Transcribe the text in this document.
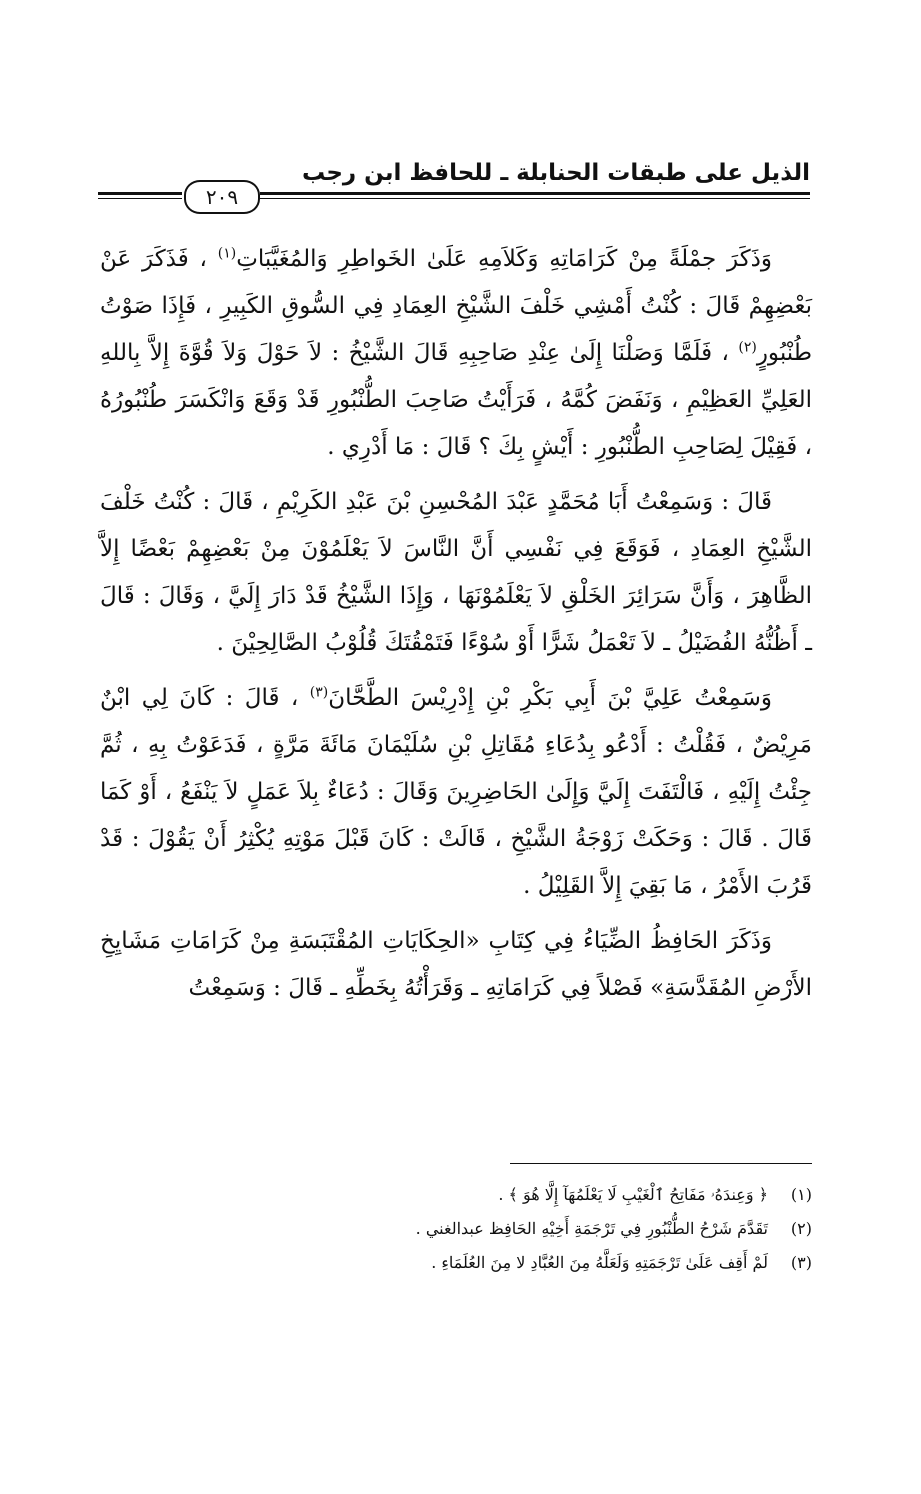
الذيل على طبقات الحنابلة ـ للحافظ ابن رجب
٢٠٩

وَذَكَرَ جمْلَةً مِنْ كَرَامَاتِهِ وَكَلاَمِهِ عَلَىٰ الخَواطِرِ وَالمُغَيَّبَاتِ$^{(١)}$ ، فَذَكَرَ عَنْ بَعْضِهِمْ قَالَ : كُنْتُ أَمْشِي خَلْفَ الشَّيْخِ العِمَادِ فِي السُّوقِ الكَبِيرِ ، فَإِذَا صَوْتُ طُنْبُورٍ$^{(٢)}$ ، فَلَمَّا وَصَلْنَا إِلَىٰ عِنْدِ صَاحِبِهِ قَالَ الشَّيْخُ : لاَ حَوْلَ وَلاَ قُوَّةَ إِلاَّ بِاللهِ العَلِيِّ العَظِيْمِ ، وَنَفَضَ كُمَّهُ ، فَرَأَيْتُ صَاحِبَ الطُّنْبُورِ قَدْ وَقَعَ وَانْكَسَرَ طُنْبُورُهُ ، فَقِيْلَ لِصَاحِبِ الطُّنْبُورِ : أَيْشٍ بِكَ ؟ قَالَ : مَا أَدْرِي .

قَالَ : وَسَمِعْتُ أَبَا مُحَمَّدٍ عَبْدَ المُحْسِنِ بْنَ عَبْدِ الكَرِيْمِ ، قَالَ : كُنْتُ خَلْفَ الشَّيْخِ العِمَادِ ، فَوَقَعَ فِي نَفْسِي أَنَّ النَّاسَ لاَ يَعْلَمُوْنَ مِنْ بَعْضِهِمْ بَعْضًا إِلاَّ الظَّاهِرَ ، وَأَنَّ سَرَائِرَ الخَلْقِ لاَ يَعْلَمُوْنَهَا ، وَإِذَا الشَّيْخُ قَدْ دَارَ إِلَيَّ ، وَقَالَ : قَالَ ـ أَظُنُّهُ الفُضَيْلُ ـ لاَ تَعْمَلُ شَرًّا أَوْ سُوْءًا فَتَمْقُتَكَ قُلُوْبُ الصَّالِحِيْنَ .

وَسَمِعْتُ عَلِيَّ بْنَ أَبِي بَكْرِ بْنِ إِدْرِيْسَ الطَّحَّانَ$^{(٣)}$ ، قَالَ : كَانَ لِي ابْنٌ مَرِيْضٌ ، فَقُلْتُ : أَدْعُو بِدُعَاءِ مُقَاتِلِ بْنِ سُلَيْمَانَ مَائَةَ مَرَّةٍ ، فَدَعَوْتُ بِهِ ، ثُمَّ جِئْتُ إِلَيْهِ ، فَالْتَفَتَ إِلَيَّ وَإِلَىٰ الحَاضِرِينَ وَقَالَ : دُعَاءٌ بِلاَ عَمَلٍ لاَ يَنْفَعُ ، أَوْ كَمَا قَالَ . قَالَ : وَحَكَتْ زَوْجَةُ الشَّيْخِ ، قَالَتْ : كَانَ قَبْلَ مَوْتِهِ يُكْثِرُ أَنْ يَقُوْلَ : قَدْ قَرُبَ الأَمْرُ ، مَا بَقِيَ إِلاَّ القَلِيْلُ .

وَذَكَرَ الحَافِظُ الضِّيَاءُ فِي كِتَابِ «الحِكَايَاتِ المُقْتَبَسَةِ مِنْ كَرَامَاتِ مَشَايِخِ الأَرْضِ المُقَدَّسَةِ» فَصْلاً فِي كَرَامَاتِهِ ـ وَقَرَأْتُهُ بِخَطِّهِ ـ قَالَ : وَسَمِعْتُ

(١)
﴿ وَعِندَهُۥ مَفَاتِحُ ٱلْغَيْبِ لَا يَعْلَمُهَآ إِلَّا هُوَ ﴾ .
(٢)
تَقَدَّمَ شَرْحُ الطُّنْبُورِ فِي تَرْجَمَةِ أَخِيْهِ الحَافِظ عبدالغني .
(٣)
لَمْ أَقِف عَلَىٰ تَرْجَمَتِهِ وَلَعَلَّهُ مِنَ العُبَّادِ لا مِنَ العُلَمَاءِ .
